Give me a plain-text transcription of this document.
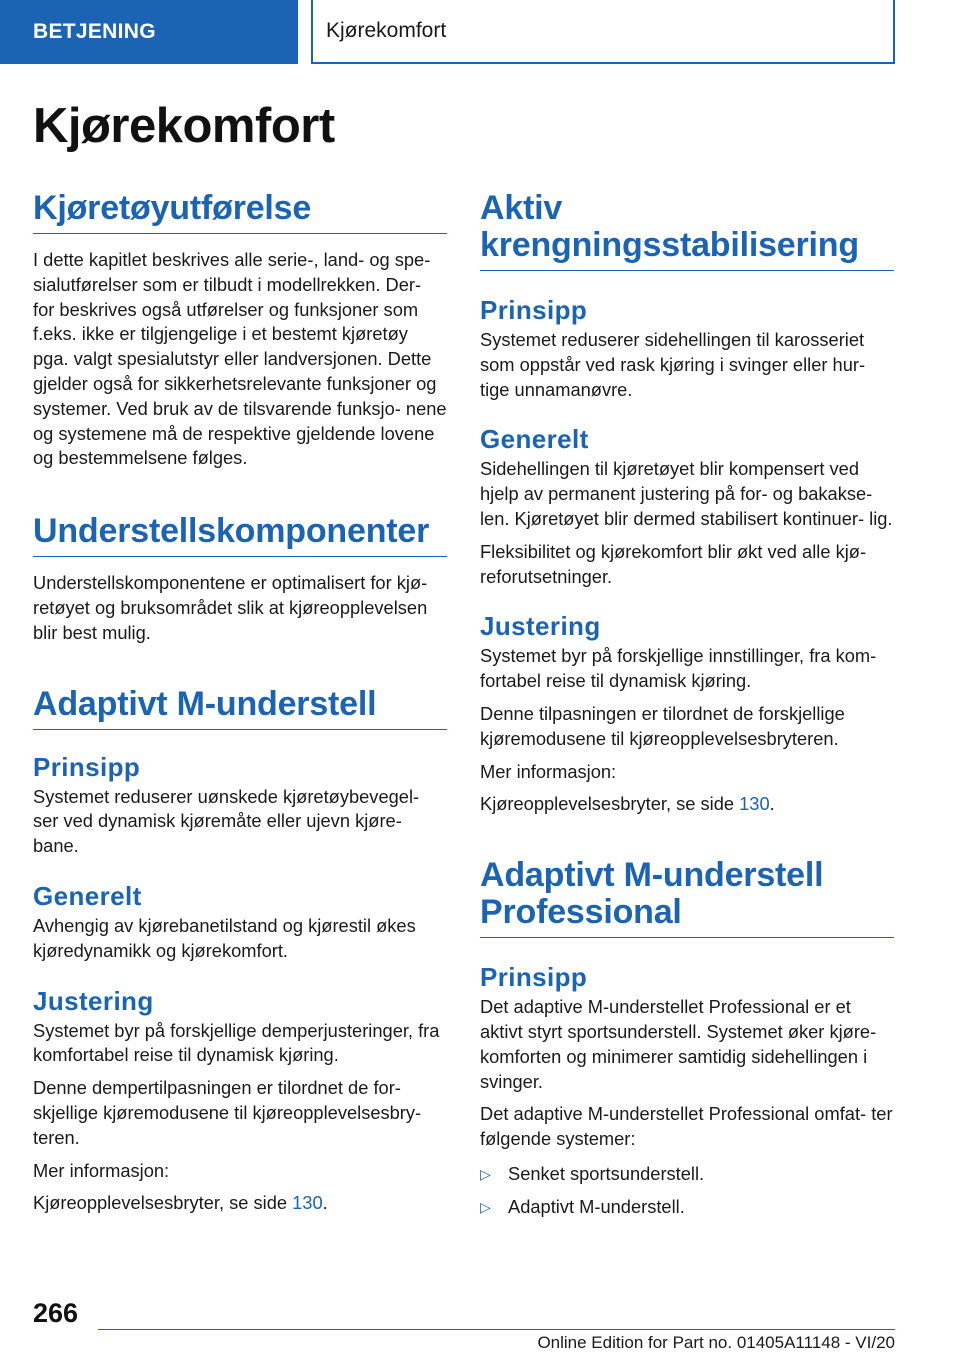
BETJENING	Kjørekomfort
Kjørekomfort
Kjøretøyutførelse

I dette kapitlet beskrives alle serie-, land- og spe- sialutførelser som er tilbudt i modellrekken. Der- for beskrives også utførelser og funksjoner som f.eks. ikke er tilgjengelige i et bestemt kjøretøy pga. valgt spesialutstyr eller landversjonen. Dette gjelder også for sikkerhetsrelevante funksjoner og systemer. Ved bruk av de tilsvarende funksjo- nene og systemene må de respektive gjeldende lovene og bestemmelsene følges.

Understellskomponenter

Understellskomponentene er optimalisert for kjø- retøyet og bruksområdet slik at kjøreopplevelsen blir best mulig.

Adaptivt M-understell
Prinsipp

Systemet reduserer uønskede kjøretøybevegel- ser ved dynamisk kjøremåte eller ujevn kjøre- bane.

Generelt

Avhengig av kjørebanetilstand og kjørestil økes kjøredynamikk og kjørekomfort.

Justering

Systemet byr på forskjellige demperjusteringer, fra komfortabel reise til dynamisk kjøring.

Denne dempertilpasningen er tilordnet de for- skjellige kjøremodusene til kjøreopplevelsesbry- teren.

Mer informasjon:

Kjøreopplevelsesbryter, se side 130.

Aktiv krengningsstabilisering
Prinsipp

Systemet reduserer sidehellingen til karosseriet som oppstår ved rask kjøring i svinger eller hur- tige unnamanøvre.

Generelt

Sidehellingen til kjøretøyet blir kompensert ved hjelp av permanent justering på for- og bakakse- len. Kjøretøyet blir dermed stabilisert kontinuer- lig.

Fleksibilitet og kjørekomfort blir økt ved alle kjø- reforutsetninger.

Justering

Systemet byr på forskjellige innstillinger, fra kom- fortabel reise til dynamisk kjøring.

Denne tilpasningen er tilordnet de forskjellige kjøremodusene til kjøreopplevelsesbryteren.

Mer informasjon:

Kjøreopplevelsesbryter, se side 130.

Adaptivt M-understell Professional
Prinsipp

Det adaptive M-understellet Professional er et aktivt styrt sportsunderstell. Systemet øker kjøre- komforten og minimerer samtidig sidehellingen i svinger.

Det adaptive M-understellet Professional omfat- ter følgende systemer:

▷ Senket sportsunderstell.
▷ Adaptivt M-understell.
266
Online Edition for Part no. 01405A11148 - VI/20
